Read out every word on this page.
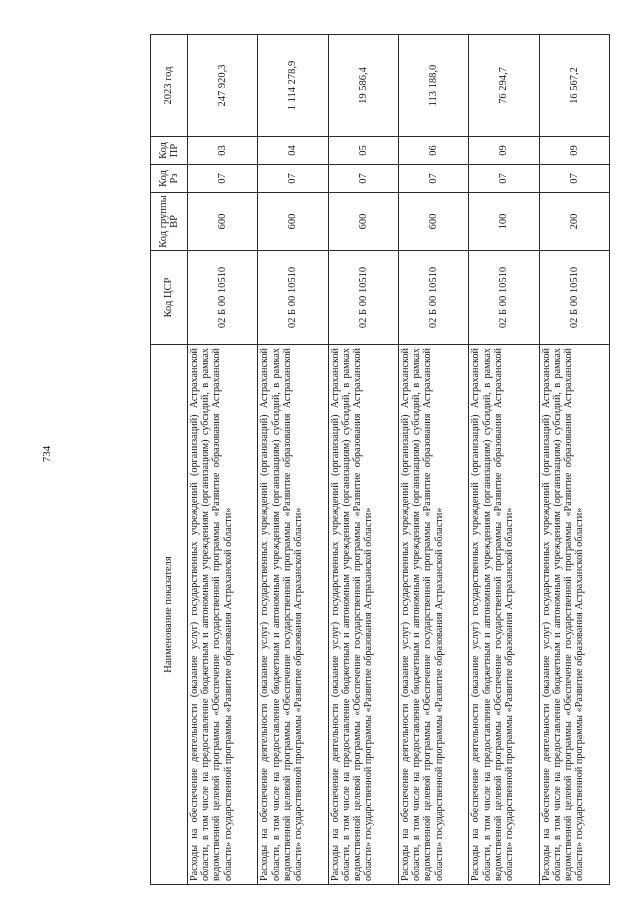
734
Наименование показателя	Код ЦСР	Код группы ВР	Код Рз	Код ПР	2023 год
Расходы на обеспечение деятельности (оказание услуг) государственных учреждений (организаций) Астраханской области, в том числе на предоставление бюджетным и автономным учреждениям (организациям) субсидий, в рамках ведомственной целевой программы «Обеспечение государственной программы «Развитие образования Астраханской области» государственной программы «Развитие образования Астраханской области»	02 Б 00 10510	600	07	03	247 920,3
Расходы на обеспечение деятельности (оказание услуг) государственных учреждений (организаций) Астраханской области, в том числе на предоставление бюджетным и автономным учреждениям (организациям) субсидий, в рамках ведомственной целевой программы «Обеспечение государственной программы «Развитие образования Астраханской области» государственной программы «Развитие образования Астраханской области»	02 Б 00 10510	600	07	04	1 114 278,9
Расходы на обеспечение деятельности (оказание услуг) государственных учреждений (организаций) Астраханской области, в том числе на предоставление бюджетным и автономным учреждениям (организациям) субсидий, в рамках ведомственной целевой программы «Обеспечение государственной программы «Развитие образования Астраханской области» государственной программы «Развитие образования Астраханской области»	02 Б 00 10510	600	07	05	19 586,4
Расходы на обеспечение деятельности (оказание услуг) государственных учреждений (организаций) Астраханской области, в том числе на предоставление бюджетным и автономным учреждениям (организациям) субсидий, в рамках ведомственной целевой программы «Обеспечение государственной программы «Развитие образования Астраханской области» государственной программы «Развитие образования Астраханской области»	02 Б 00 10510	600	07	06	113 188,0
Расходы на обеспечение деятельности (оказание услуг) государственных учреждений (организаций) Астраханской области, в том числе на предоставление бюджетным и автономным учреждениям (организациям) субсидий, в рамках ведомственной целевой программы «Обеспечение государственной программы «Развитие образования Астраханской области» государственной программы «Развитие образования Астраханской области»	02 Б 00 10510	100	07	09	76 294,7
Расходы на обеспечение деятельности (оказание услуг) государственных учреждений (организаций) Астраханской области, в том числе на предоставление бюджетным и автономным учреждениям (организациям) субсидий, в рамках ведомственной целевой программы «Обеспечение государственной программы «Развитие образования Астраханской области» государственной программы «Развитие образования Астраханской области»	02 Б 00 10510	200	07	09	16 567,2
